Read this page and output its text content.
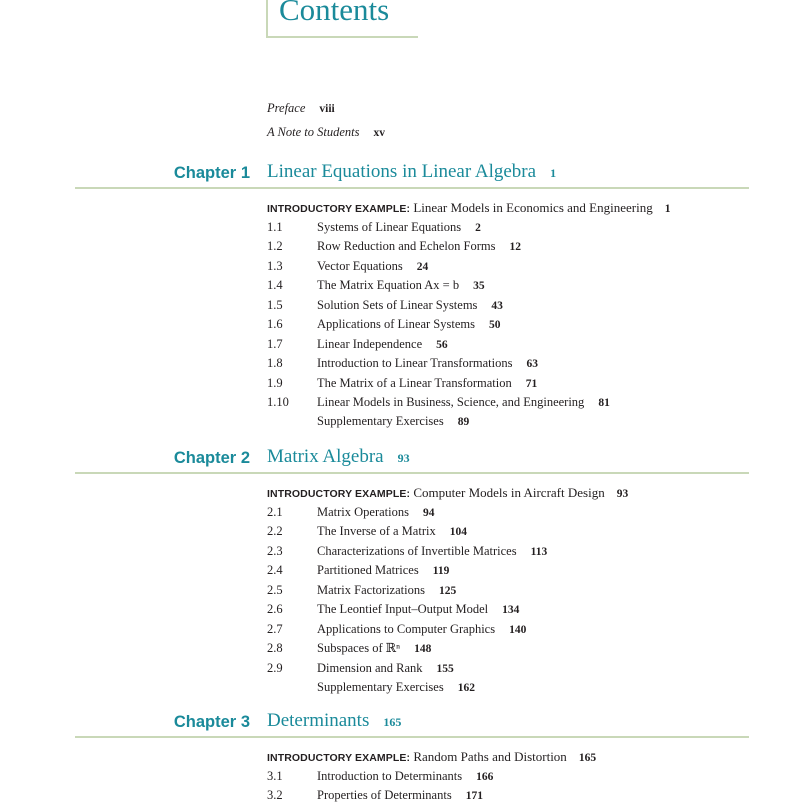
Contents
Preface viii
A Note to Students xv
Chapter 1 Linear Equations in Linear Algebra 1
INTRODUCTORY EXAMPLE: Linear Models in Economics and Engineering 1
1.1	Systems of Linear Equations 2
1.2	Row Reduction and Echelon Forms 12
1.3	Vector Equations 24
1.4	The Matrix Equation Ax = b 35
1.5	Solution Sets of Linear Systems 43
1.6	Applications of Linear Systems 50
1.7	Linear Independence 56
1.8	Introduction to Linear Transformations 63
1.9	The Matrix of a Linear Transformation 71
1.10 Linear Models in Business, Science, and Engineering 81
Supplementary Exercises 89
Chapter 2 Matrix Algebra 93
INTRODUCTORY EXAMPLE: Computer Models in Aircraft Design 93
2.1	Matrix Operations 94
2.2	The Inverse of a Matrix 104
2.3	Characterizations of Invertible Matrices 113
2.4	Partitioned Matrices 119
2.5	Matrix Factorizations 125
2.6	The Leontief Input–Output Model 134
2.7	Applications to Computer Graphics 140
2.8	Subspaces of ℝⁿ 148
2.9	Dimension and Rank 155
Supplementary Exercises 162
Chapter 3 Determinants 165
INTRODUCTORY EXAMPLE: Random Paths and Distortion 165
3.1	Introduction to Determinants 166
3.2	Properties of Determinants 171
